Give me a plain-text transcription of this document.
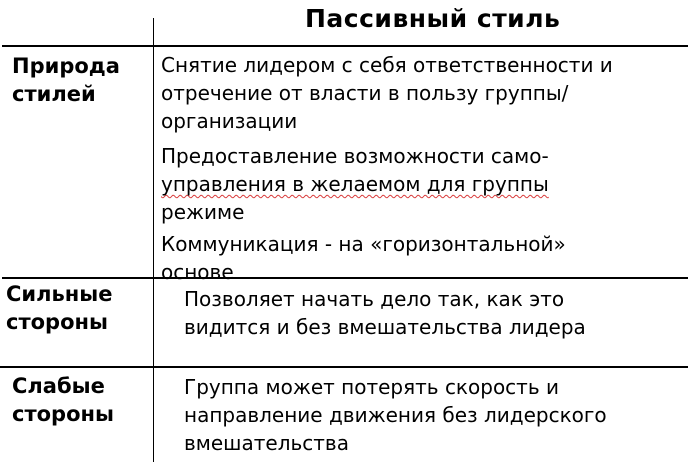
Пассивный стиль
Природа
стилей
Снятие лидером с себя ответственности и
отречение от власти в пользу группы/
организации
Предоставление возможности само-
управления в желаемом для группы
режиме
Коммуникация - на «горизонтальной»
основе
Сильные
стороны
Позволяет начать дело так, как это
видится и без вмешательства лидера
Слабые
стороны
Группа может потерять скорость и
направление движения без лидерского
вмешательства
